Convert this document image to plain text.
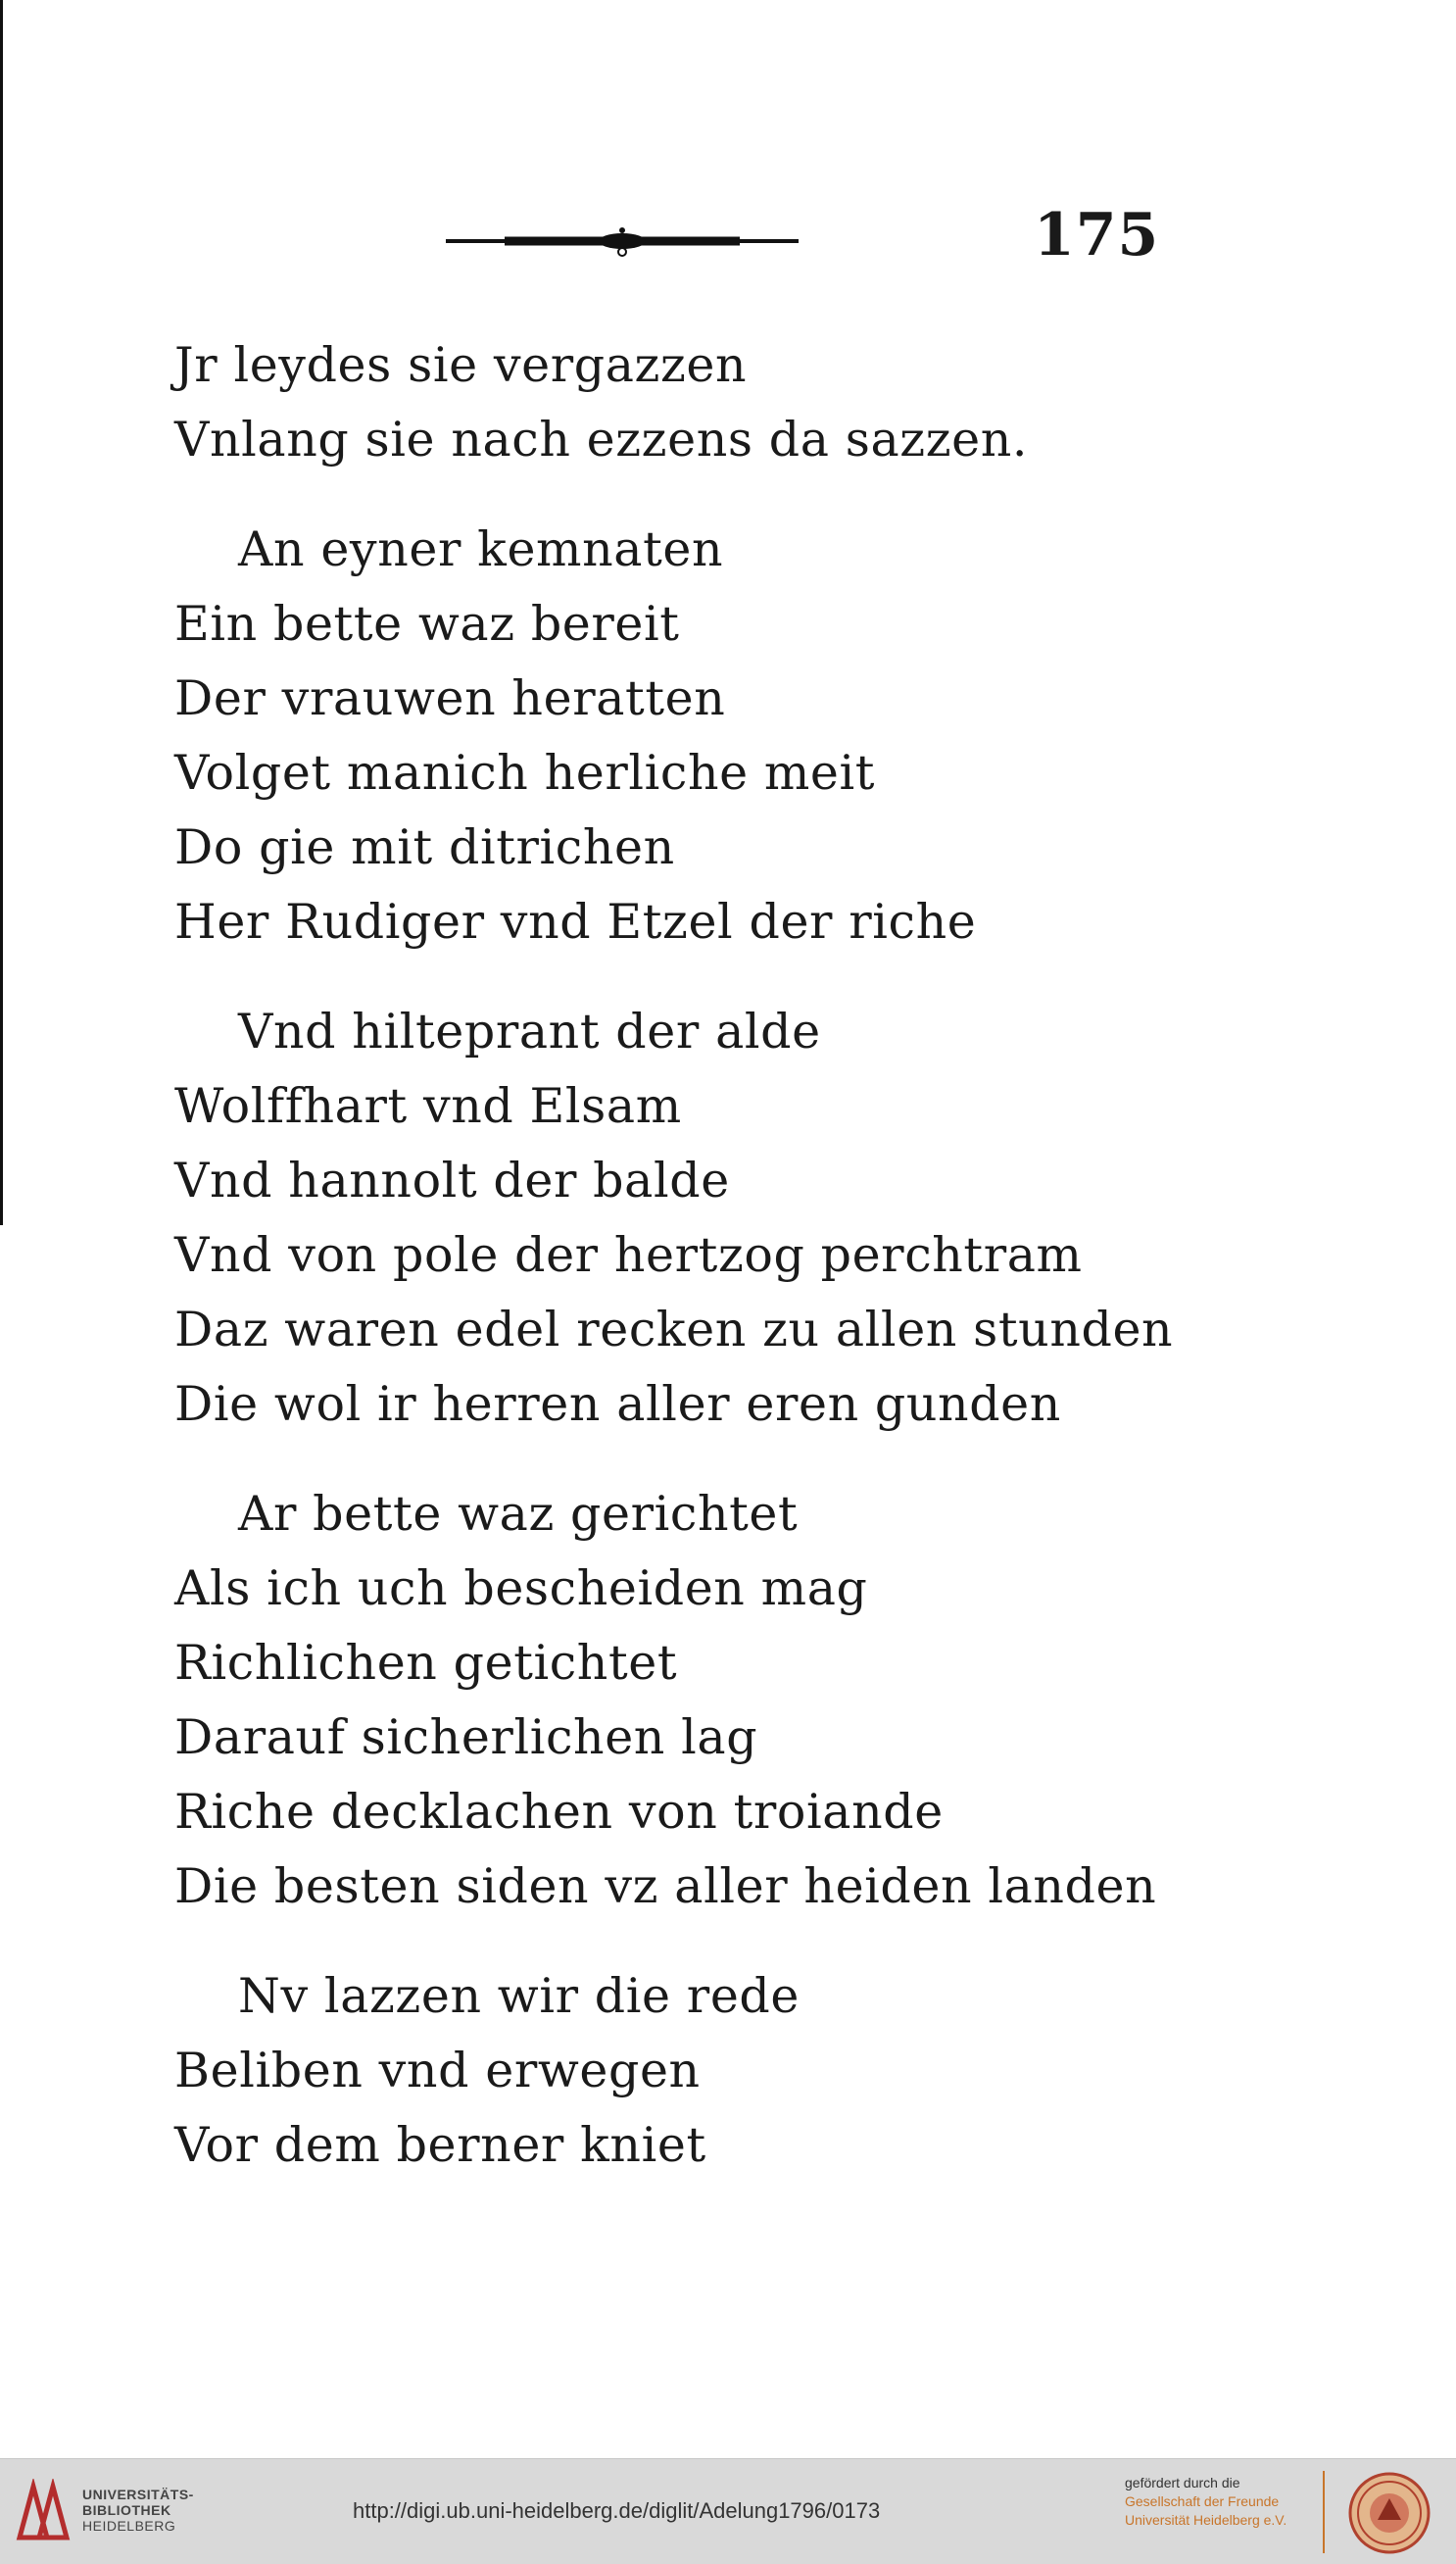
175
Jr leydes sie vergazzen
Vnlang sie nach ezzens da sazzen.
An eyner kemnaten
Ein bette waz bereit
Der vrauwen heratten
Volget manich herliche meit
Do gie mit ditrichen
Her Rudiger vnd Etzel der riche
Vnd hilteprant der alde
Wolffhart vnd Elsam
Vnd hannolt der balde
Vnd von pole der hertzog perchtram
Daz waren edel recken zu allen stunden
Die wol ir herren aller eren gunden
Ar bette waz gerichtet
Als ich uch bescheiden mag
Richlichen getichtet
Darauf sicherlichen lag
Riche decklachen von troiande
Die besten siden vz aller heiden landen
Nv lazzen wir die rede
Beliben vnd erwegen
Vor dem berner kniet
UNIVERSITÄTS-
BIBLIOTHEK
HEIDELBERG
http://digi.ub.uni-heidelberg.de/diglit/Adelung1796/0173
gefördert durch die
Gesellschaft der Freunde
Universität Heidelberg e.V.
